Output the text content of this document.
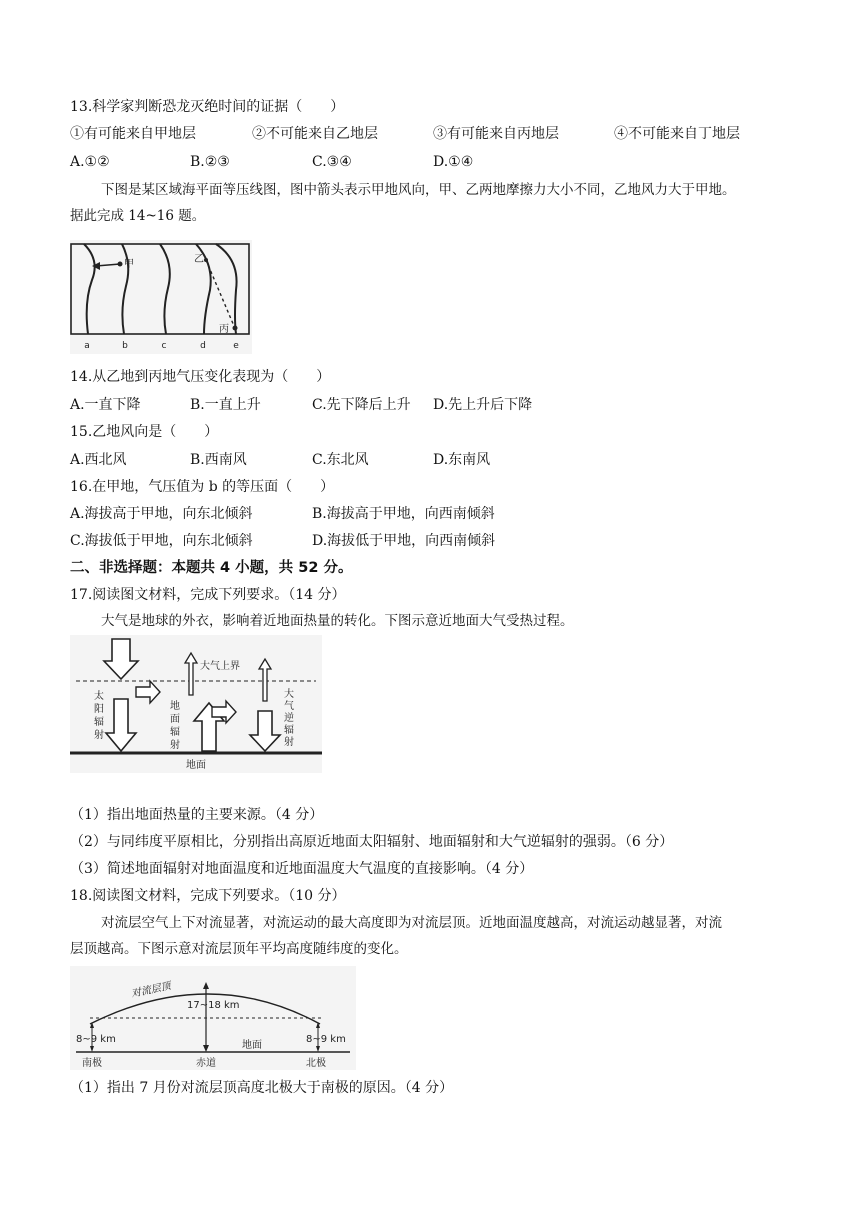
13.科学家判断恐龙灭绝时间的证据（　　）
①有可能来自甲地层	②不可能来自乙地层	③有可能来自丙地层	④不可能来自丁地层
A.①②	B.②③	C.③④	D.①④
下图是某区域海平面等压线图，图中箭头表示甲地风向，甲、乙两地摩擦力大小不同，乙地风力大于甲地。
据此完成 14~16 题。
甲	乙
丙
a	b	c	d	e
14.从乙地到丙地气压变化表现为（　　）
A.一直下降	B.一直上升	C.先下降后上升 D.先上升后下降
15.乙地风向是（　　）
A.西北风	B.西南风	C.东北风	D.东南风
16.在甲地，气压值为 b 的等压面（　　）
A.海拔高于甲地，向东北倾斜	B.海拔高于甲地，向西南倾斜
C.海拔低于甲地，向东北倾斜	D.海拔低于甲地，向西南倾斜
二、非选择题：本题共 4 小题，共 52 分。
17.阅读图文材料，完成下列要求。（14 分）
大气是地球的外衣，影响着近地面热量的转化。下图示意近地面大气受热过程。
大气上界
太
阳
辐
射
地
面
辐
射
大
气
逆
辐
射
地面
（1）指出地面热量的主要来源。（4 分）
（2）与同纬度平原相比，分别指出高原近地面太阳辐射、地面辐射和大气逆辐射的强弱。（6 分）
（3）简述地面辐射对地面温度和近地面温度大气温度的直接影响。（4 分）
18.阅读图文材料，完成下列要求。（10 分）
对流层空气上下对流显著，对流运动的最大高度即为对流层顶。近地面温度越高，对流运动越显著，对流
层顶越高。下图示意对流层顶年平均高度随纬度的变化。
对流层顶
17~18 km
8~9 km	8~9 km
地面
南极	赤道	北极
（1）指出 7 月份对流层顶高度北极大于南极的原因。（4 分）
